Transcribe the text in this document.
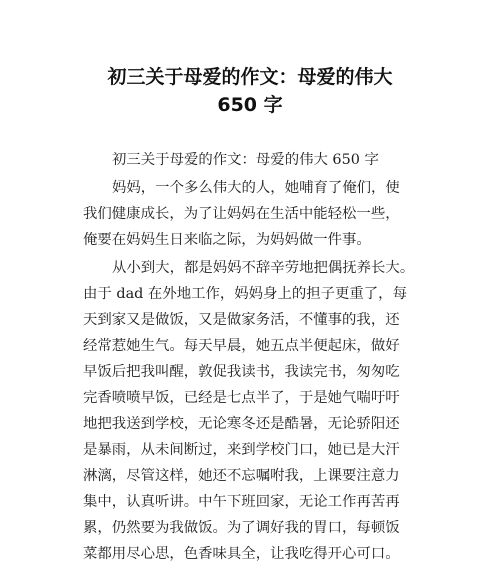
初三关于母爱的作文：母爱的伟大
650 字
初三关于母爱的作文：母爱的伟大 650 字
妈妈，一个多么伟大的人，她哺育了俺们，使
我们健康成长，为了让妈妈在生活中能轻松一些，
俺要在妈妈生日来临之际，为妈妈做一件事。
从小到大，都是妈妈不辞辛劳地把偶抚养长大。
由于 dad 在外地工作，妈妈身上的担子更重了，每
天到家又是做饭，又是做家务活，不懂事的我，还
经常惹她生气。每天早晨，她五点半便起床，做好
早饭后把我叫醒，敦促我读书，我读完书，匆匆吃
完香喷喷早饭，已经是七点半了，于是她气喘吁吁
地把我送到学校，无论寒冬还是酷暑，无论骄阳还
是暴雨，从未间断过，来到学校门口，她已是大汗
淋漓，尽管这样，她还不忘嘱咐我，上课要注意力
集中，认真听讲。中午下班回家，无论工作再苦再
累，仍然要为我做饭。为了调好我的胃口，每顿饭
菜都用尽心思，色香味具全，让我吃得开心可口。
